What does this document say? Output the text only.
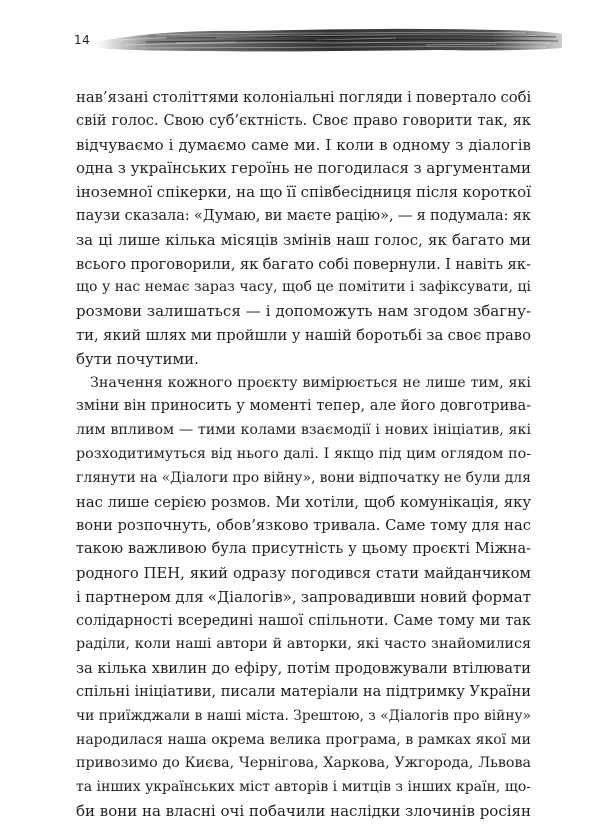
14
нав’язані століттями колоніальні погляди і повертало собі
свій голос. Свою суб’єктність. Своє право говорити так, як
відчуваємо і думаємо саме ми. І коли в одному з діалогів
одна з українських героїнь не погодилася з аргументами
іноземної спікерки, на що її співбесідниця після короткої
паузи сказала: «Думаю, ви маєте рацію», — я подумала: як
за ці лише кілька місяців змінів наш голос, як багато ми
всього проговорили, як багато собі повернули. І навіть як-
що у нас немає зараз часу, щоб це помітити і зафіксувати, ці
розмови залишаться — і допоможуть нам згодом збагну-
ти, який шлях ми пройшли у нашій боротьбі за своє право
бути почутими.
Значення кожного проєкту вимірюється не лише тим, які
зміни він приносить у моменті тепер, але його довготрива-
лим впливом — тими колами взаємодії і нових ініціатив, які
розходитимуться від нього далі. І якщо під цим оглядом по-
глянути на «Діалоги про війну», вони відпочатку не були для
нас лише серією розмов. Ми хотіли, щоб комунікація, яку
вони розпочнуть, обов’язково тривала. Саме тому для нас
такою важливою була присутність у цьому проєкті Міжна-
родного ПЕН, який одразу погодився стати майданчиком
і партнером для «Діалогів», запровадивши новий формат
солідарності всередині нашої спільноти. Саме тому ми так
раділи, коли наші автори й авторки, які часто знайомилися
за кілька хвилин до ефіру, потім продовжували втілювати
спільні ініціативи, писали матеріали на підтримку України
чи приїжджали в наші міста. Зрештою, з «Діалогів про війну»
народилася наша окрема велика програма, в рамках якої ми
привозимо до Києва, Чернігова, Харкова, Ужгорода, Львова
та інших українських міст авторів і митців з інших країн, що-
би вони на власні очі побачили наслідки злочинів росіян
